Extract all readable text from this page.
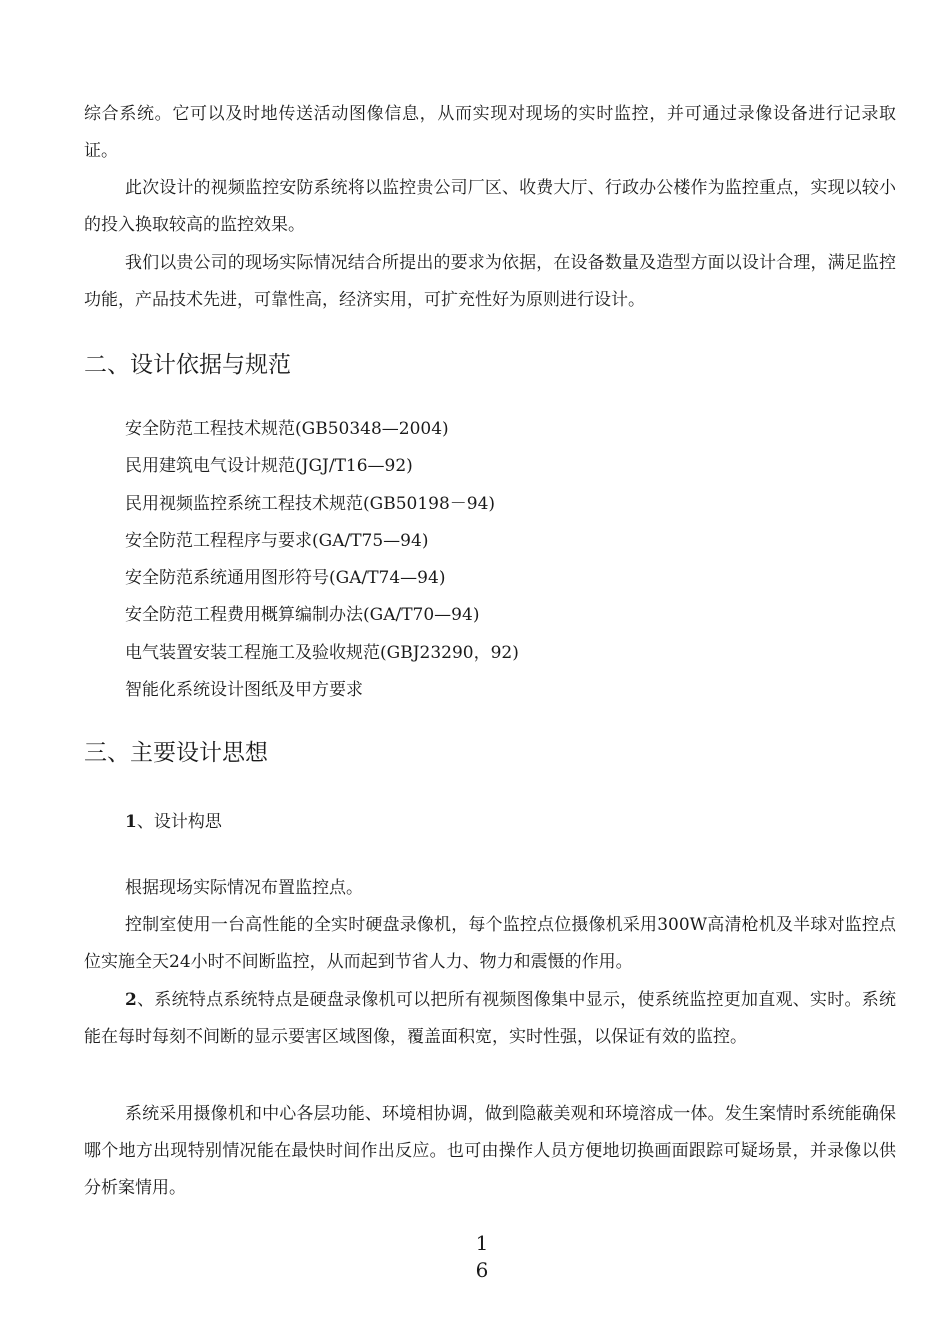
综合系统。它可以及时地传送活动图像信息，从而实现对现场的实时监控，并可通过录像设备进行记录取证。

此次设计的视频监控安防系统将以监控贵公司厂区、收费大厅、行政办公楼作为监控重点，实现以较小的投入换取较高的监控效果。

我们以贵公司的现场实际情况结合所提出的要求为依据，在设备数量及造型方面以设计合理，满足监控功能，产品技术先进，可靠性高，经济实用，可扩充性好为原则进行设计。

二、设计依据与规范
安全防范工程技术规范(GB50348—2004)
民用建筑电气设计规范(JGJ/T16—92)
民用视频监控系统工程技术规范(GB50198－94)
安全防范工程程序与要求(GA/T75—94)
安全防范系统通用图形符号(GA/T74—94)
安全防范工程费用概算编制办法(GA/T70—94)
电气装置安装工程施工及验收规范(GBJ23290，92)
智能化系统设计图纸及甲方要求
三、主要设计思想

1、设计构思

根据现场实际情况布置监控点。

控制室使用一台高性能的全实时硬盘录像机，每个监控点位摄像机采用300W高清枪机及半球对监控点位实施全天24小时不间断监控，从而起到节省人力、物力和震慑的作用。

2、系统特点系统特点是硬盘录像机可以把所有视频图像集中显示，使系统监控更加直观、实时。系统能在每时每刻不间断的显示要害区域图像，覆盖面积宽，实时性强，以保证有效的监控。

系统采用摄像机和中心各层功能、环境相协调，做到隐蔽美观和环境溶成一体。发生案情时系统能确保哪个地方出现特别情况能在最快时间作出反应。也可由操作人员方便地切换画面跟踪可疑场景，并录像以供分析案情用。

1
6
